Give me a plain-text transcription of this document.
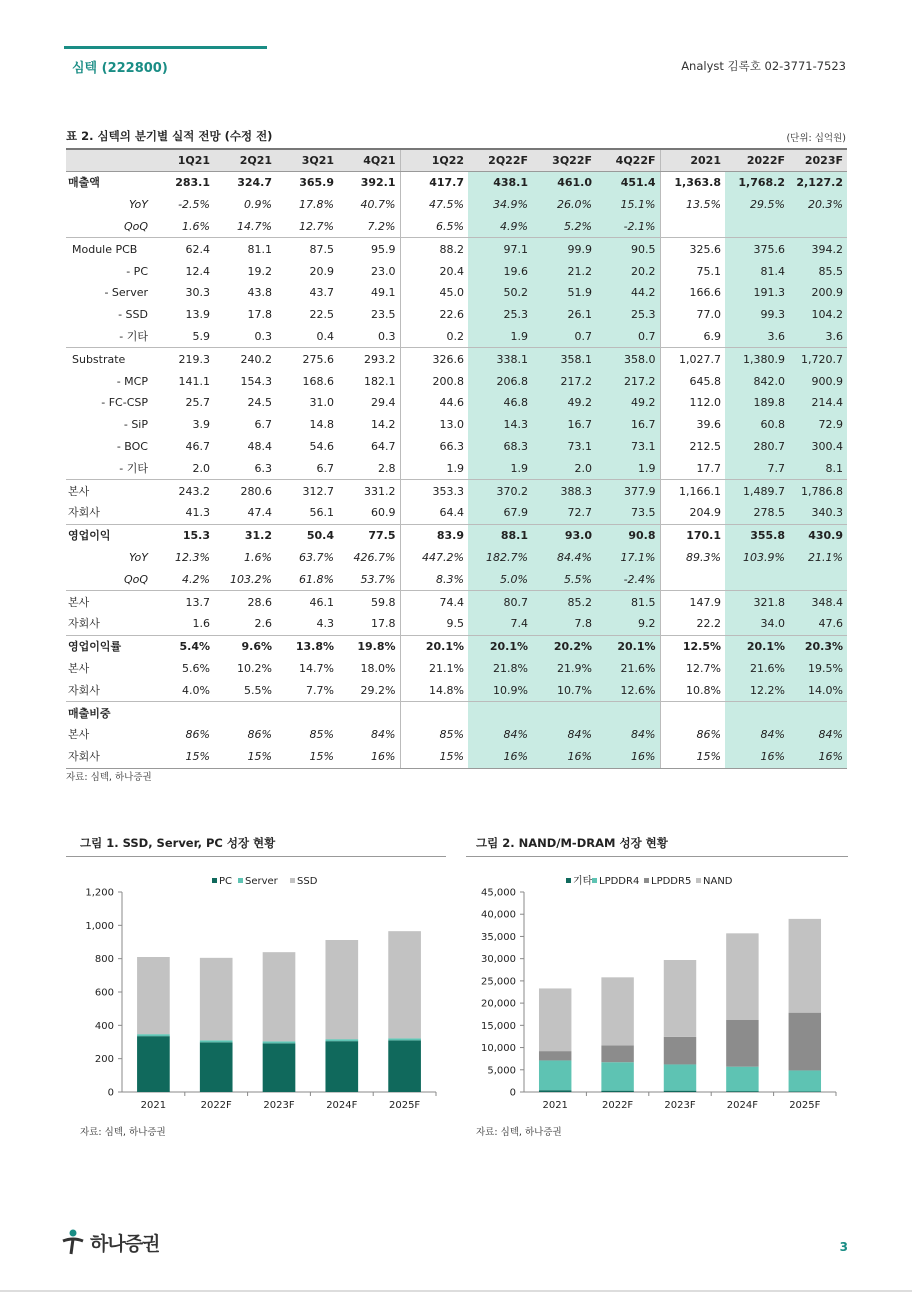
심텍 (222800)	Analyst 김록호 02-3771-7523
표 2. 심텍의 분기별 실적 전망 (수정 전)	(단위: 십억원)
	1Q21	2Q21	3Q21	4Q21	1Q22	2Q22F	3Q22F	4Q22F	2021	2022F	2023F
매출액	283.1	324.7	365.9	392.1	417.7	438.1	461.0	451.4	1,363.8	1,768.2	2,127.2
YoY	-2.5%	0.9%	17.8%	40.7%	47.5%	34.9%	26.0%	15.1%	13.5%	29.5%	20.3%
QoQ	1.6%	14.7%	12.7%	7.2%	6.5%	4.9%	5.2%	-2.1%			
Module PCB	62.4	81.1	87.5	95.9	88.2	97.1	99.9	90.5	325.6	375.6	394.2
- PC	12.4	19.2	20.9	23.0	20.4	19.6	21.2	20.2	75.1	81.4	85.5
- Server	30.3	43.8	43.7	49.1	45.0	50.2	51.9	44.2	166.6	191.3	200.9
- SSD	13.9	17.8	22.5	23.5	22.6	25.3	26.1	25.3	77.0	99.3	104.2
- 기타	5.9	0.3	0.4	0.3	0.2	1.9	0.7	0.7	6.9	3.6	3.6
Substrate	219.3	240.2	275.6	293.2	326.6	338.1	358.1	358.0	1,027.7	1,380.9	1,720.7
- MCP	141.1	154.3	168.6	182.1	200.8	206.8	217.2	217.2	645.8	842.0	900.9
- FC-CSP	25.7	24.5	31.0	29.4	44.6	46.8	49.2	49.2	112.0	189.8	214.4
- SiP	3.9	6.7	14.8	14.2	13.0	14.3	16.7	16.7	39.6	60.8	72.9
- BOC	46.7	48.4	54.6	64.7	66.3	68.3	73.1	73.1	212.5	280.7	300.4
- 기타	2.0	6.3	6.7	2.8	1.9	1.9	2.0	1.9	17.7	7.7	8.1
본사	243.2	280.6	312.7	331.2	353.3	370.2	388.3	377.9	1,166.1	1,489.7	1,786.8
자회사	41.3	47.4	56.1	60.9	64.4	67.9	72.7	73.5	204.9	278.5	340.3
영업이익	15.3	31.2	50.4	77.5	83.9	88.1	93.0	90.8	170.1	355.8	430.9
YoY	12.3%	1.6%	63.7%	426.7%	447.2%	182.7%	84.4%	17.1%	89.3%	103.9%	21.1%
QoQ	4.2%	103.2%	61.8%	53.7%	8.3%	5.0%	5.5%	-2.4%			
본사	13.7	28.6	46.1	59.8	74.4	80.7	85.2	81.5	147.9	321.8	348.4
자회사	1.6	2.6	4.3	17.8	9.5	7.4	7.8	9.2	22.2	34.0	47.6
영업이익률	5.4%	9.6%	13.8%	19.8%	20.1%	20.1%	20.2%	20.1%	12.5%	20.1%	20.3%
본사	5.6%	10.2%	14.7%	18.0%	21.1%	21.8%	21.9%	21.6%	12.7%	21.6%	19.5%
자회사	4.0%	5.5%	7.7%	29.2%	14.8%	10.9%	10.7%	12.6%	10.8%	12.2%	14.0%
매출비중											
본사	86%	86%	85%	84%	85%	84%	84%	84%	86%	84%	84%
자회사	15%	15%	15%	16%	15%	16%	16%	16%	15%	16%	16%
자료: 심텍, 하나증권
그림 1. SSD, Server, PC 성장 현황
PC Server SSD
0
200
400
600
800
1,000
1,200
2021	2022F	2023F	2024F	2025F
자료: 심텍, 하나증권
그림 2. NAND/M-DRAM 성장 현황
기타 LPDDR4 LPDDR5 NAND
0
5,000
10,000
15,000
20,000
25,000
30,000
35,000
40,000
45,000
2021	2022F	2023F	2024F	2025F
자료: 심텍, 하나증권
하나증권	3
